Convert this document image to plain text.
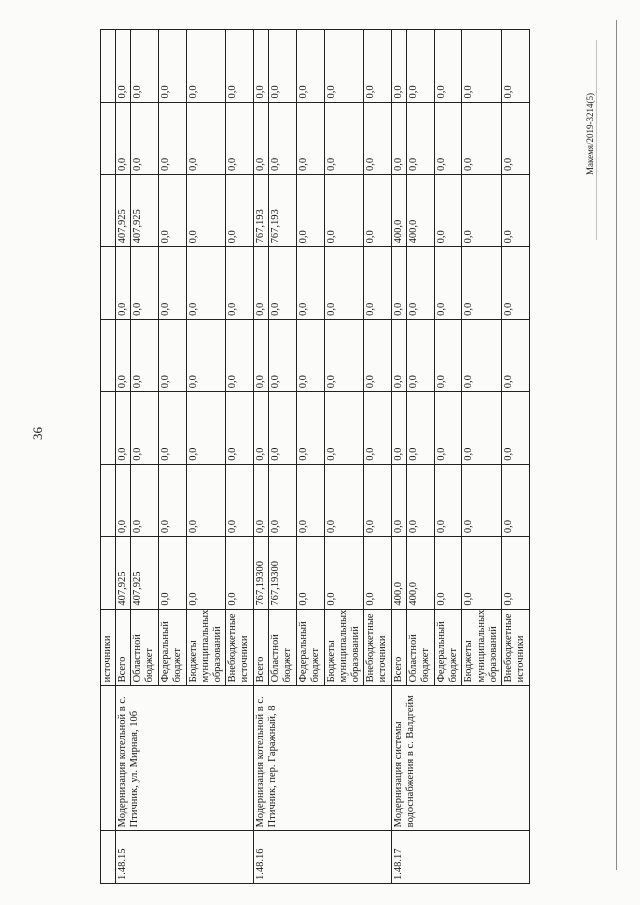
36
Макемя/2019-3214(5)
		источники								
1.48.15	Модернизация котельной в с. Птичник, ул. Мирная, 10б	Всего	407,925	0,0	0,0	0,0	0,0	407,925	0,0	0,0
		Областной бюджет	407,925	0,0	0,0	0,0	0,0	407,925	0,0	0,0
		Федеральный бюджет	0,0	0,0	0,0	0,0	0,0	0,0	0,0	0,0
		Бюджеты муниципальных образований	0,0	0,0	0,0	0,0	0,0	0,0	0,0	0,0
		Внебюджетные источники	0,0	0,0	0,0	0,0	0,0	0,0	0,0	0,0
1.48.16	Модернизация котельной в с. Птичник, пер. Гаражный, 8	Всего	767,19300	0,0	0,0	0,0	0,0	767,193	0,0	0,0
		Областной бюджет	767,19300	0,0	0,0	0,0	0,0	767,193	0,0	0,0
		Федеральный бюджет	0,0	0,0	0,0	0,0	0,0	0,0	0,0	0,0
		Бюджеты муниципальных образований	0,0	0,0	0,0	0,0	0,0	0,0	0,0	0,0
		Внебюджетные источники	0,0	0,0	0,0	0,0	0,0	0,0	0,0	0,0
1.48.17	Модернизация системы водоснабжения в с. Валдгейм	Всего	400,0	0,0	0,0	0,0	0,0	400,0	0,0	0,0
		Областной бюджет	400,0	0,0	0,0	0,0	0,0	400,0	0,0	0,0
		Федеральный бюджет	0,0	0,0	0,0	0,0	0,0	0,0	0,0	0,0
		Бюджеты муниципальных образований	0,0	0,0	0,0	0,0	0,0	0,0	0,0	0,0
		Внебюджетные источники	0,0	0,0	0,0	0,0	0,0	0,0	0,0	0,0
